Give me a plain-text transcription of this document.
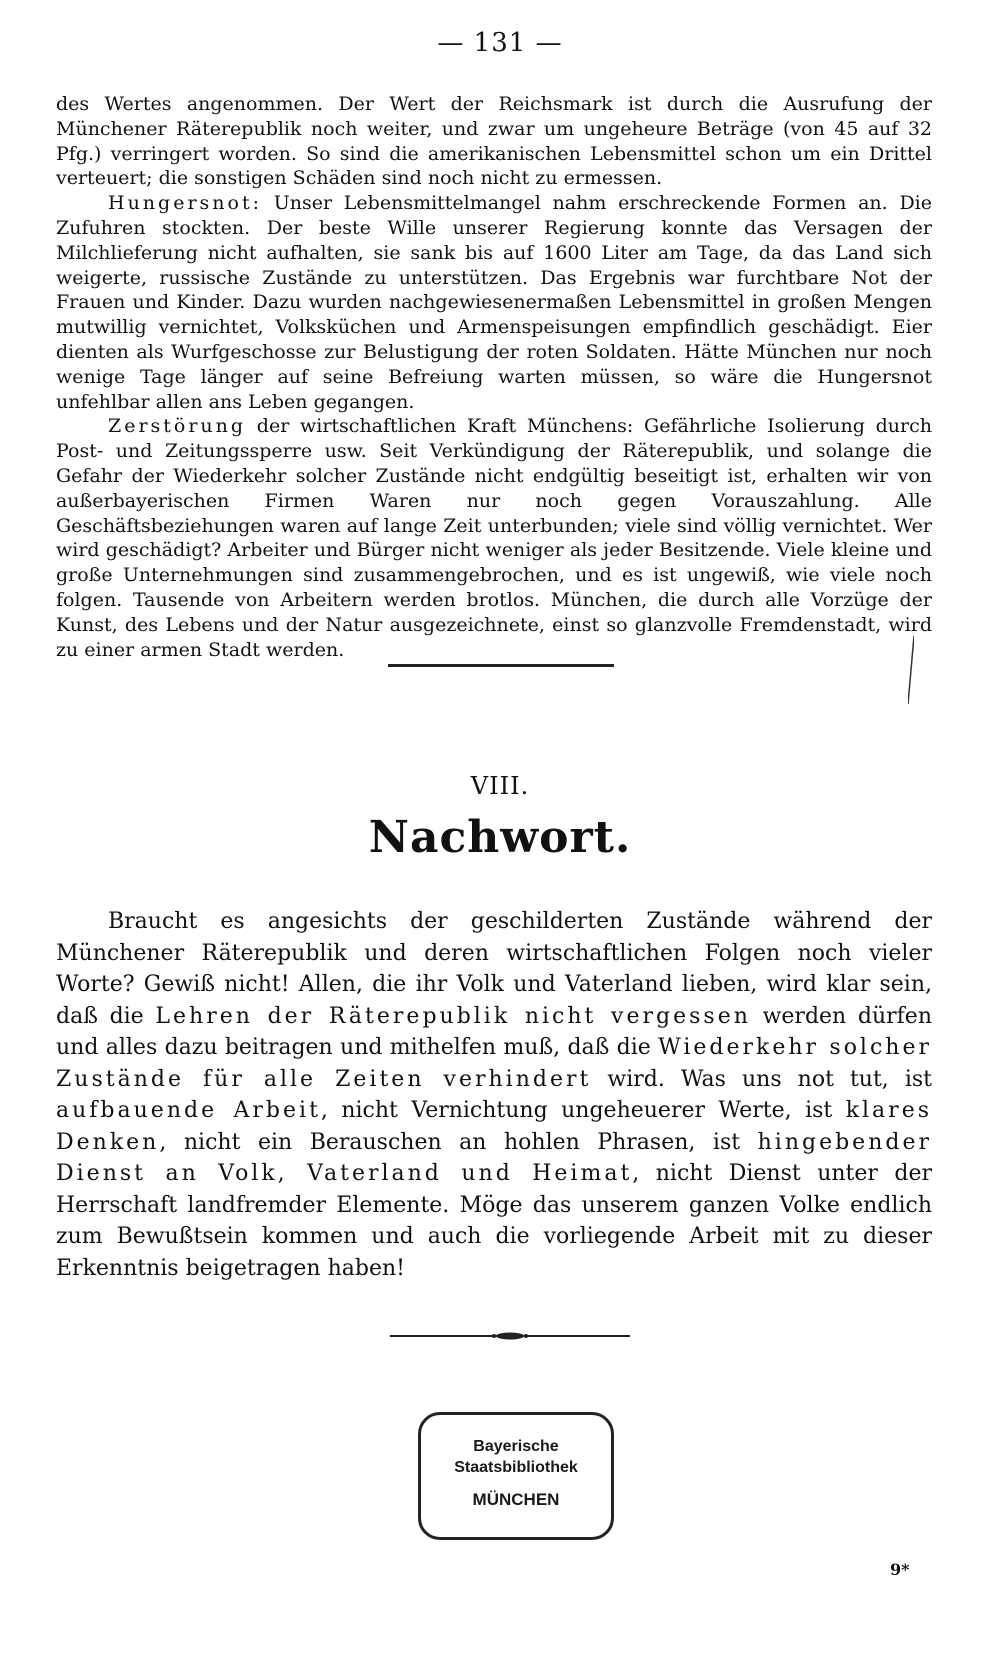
— 131 —

des Wertes angenommen. Der Wert der Reichsmark ist durch die Ausrufung der Münchener Räterepublik noch weiter, und zwar um ungeheure Beträge (von 45 auf 32 Pfg.) verringert worden. So sind die amerikanischen Lebensmittel schon um ein Drittel verteuert; die sonstigen Schäden sind noch nicht zu ermessen.

Hungersnot: Unser Lebensmittelmangel nahm erschreckende Formen an. Die Zufuhren stockten. Der beste Wille unserer Regierung konnte das Versagen der Milchlieferung nicht aufhalten, sie sank bis auf 1600 Liter am Tage, da das Land sich weigerte, russische Zustände zu unterstützen. Das Ergebnis war furchtbare Not der Frauen und Kinder. Dazu wurden nachgewiesenermaßen Lebensmittel in großen Mengen mutwillig vernichtet, Volksküchen und Armenspeisungen empfindlich geschädigt. Eier dienten als Wurfgeschosse zur Belustigung der roten Soldaten. Hätte München nur noch wenige Tage länger auf seine Befreiung warten müssen, so wäre die Hungersnot unfehlbar allen ans Leben gegangen.

Zerstörung der wirtschaftlichen Kraft Münchens: Gefährliche Isolierung durch Post- und Zeitungssperre usw. Seit Verkündigung der Räterepublik, und solange die Gefahr der Wiederkehr solcher Zustände nicht endgültig beseitigt ist, erhalten wir von außerbayerischen Firmen Waren nur noch gegen Vorauszahlung. Alle Geschäftsbeziehungen waren auf lange Zeit unterbunden; viele sind völlig vernichtet. Wer wird geschädigt? Arbeiter und Bürger nicht weniger als jeder Besitzende. Viele kleine und große Unternehmungen sind zusammengebrochen, und es ist ungewiß, wie viele noch folgen. Tausende von Arbeitern werden brotlos. München, die durch alle Vorzüge der Kunst, des Lebens und der Natur ausgezeichnete, einst so glanzvolle Fremdenstadt, wird zu einer armen Stadt werden.

VIII.
Nachwort.

Braucht es angesichts der geschilderten Zustände während der Münchener Räterepublik und deren wirtschaftlichen Folgen noch vieler Worte? Gewiß nicht! Allen, die ihr Volk und Vaterland lieben, wird klar sein, daß die Lehren der Räterepublik nicht vergessen werden dürfen und alles dazu beitragen und mithelfen muß, daß die Wiederkehr solcher Zustände für alle Zeiten verhindert wird. Was uns not tut, ist aufbauende Arbeit, nicht Vernichtung ungeheuerer Werte, ist klares Denken, nicht ein Berauschen an hohlen Phrasen, ist hingebender Dienst an Volk, Vaterland und Heimat, nicht Dienst unter der Herrschaft landfremder Elemente. Möge das unserem ganzen Volke endlich zum Bewußtsein kommen und auch die vorliegende Arbeit mit zu dieser Erkenntnis beigetragen haben!

Bayerische
Staatsbibliothek
MÜNCHEN
9*
